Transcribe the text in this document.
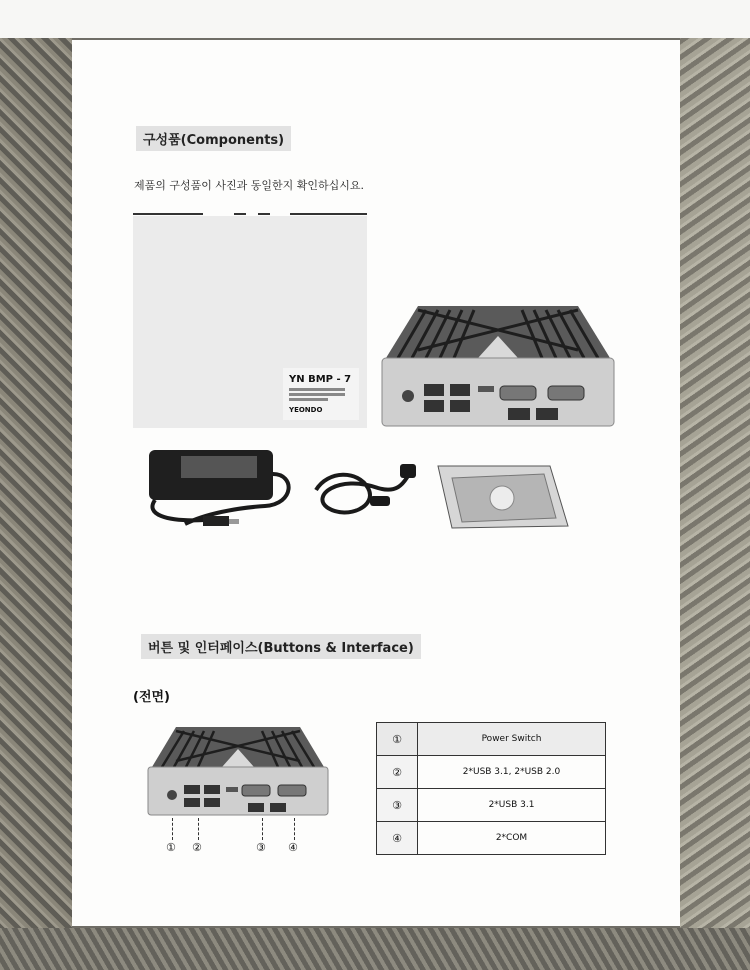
구성품(Components)
제품의 구성품이 사진과 동일한지 확인하십시요.
YN BMP - 7
YEONDO
버튼 및 인터페이스(Buttons & Interface)
(전면)
① ②	③ ④
①	Power Switch
②	2*USB 3.1, 2*USB 2.0
③	2*USB 3.1
④	2*COM
